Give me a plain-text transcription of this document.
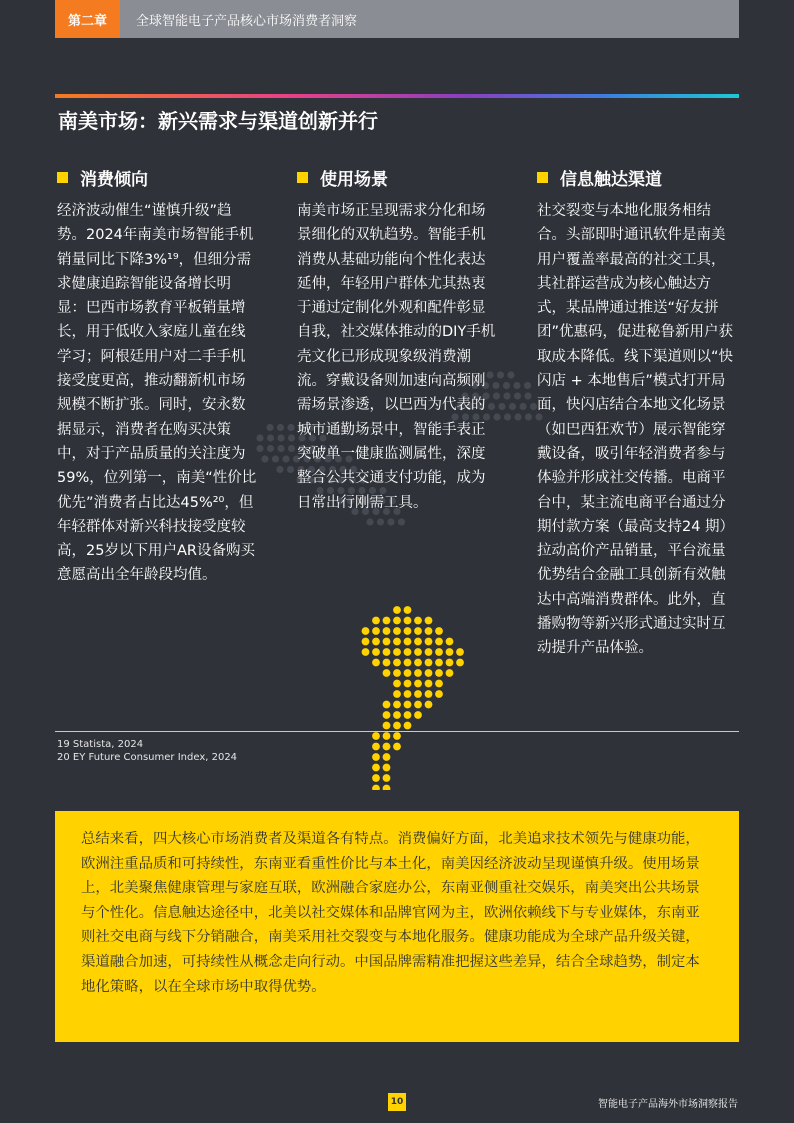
第二章	全球智能电子产品核心市场消费者洞察
南美市场：新兴需求与渠道创新并行
消费倾向
经济波动催生“谨慎升级”趋势。2024年南美市场智能手机销量同比下降3%¹⁹，但细分需求健康追踪智能设备增长明显：巴西市场教育平板销量增长，用于低收入家庭儿童在线学习；阿根廷用户对二手手机接受度更高，推动翻新机市场规模不断扩张。同时，安永数据显示，消费者在购买决策中，对于产品质量的关注度为59%，位列第一，南美“性价比优先”消费者占比达45%²⁰，但年轻群体对新兴科技接受度较高，25岁以下用户AR设备购买意愿高出全年龄段均值。
使用场景
南美市场正呈现需求分化和场景细化的双轨趋势。智能手机消费从基础功能向个性化表达延伸，年轻用户群体尤其热衷于通过定制化外观和配件彰显自我，社交媒体推动的DIY手机壳文化已形成现象级消费潮流。穿戴设备则加速向高频刚需场景渗透，以巴西为代表的城市通勤场景中，智能手表正突破单一健康监测属性，深度整合公共交通支付功能，成为日常出行刚需工具。
信息触达渠道
社交裂变与本地化服务相结合。头部即时通讯软件是南美用户覆盖率最高的社交工具，其社群运营成为核心触达方式，某品牌通过推送“好友拼团”优惠码，促进秘鲁新用户获取成本降低。线下渠道则以“快闪店 + 本地售后”模式打开局面，快闪店结合本地文化场景（如巴西狂欢节）展示智能穿戴设备，吸引年轻消费者参与体验并形成社交传播。电商平台中，某主流电商平台通过分期付款方案（最高支持24 期）拉动高价产品销量，平台流量优势结合金融工具创新有效触达中高端消费群体。此外，直播购物等新兴形式通过实时互动提升产品体验。
19 Statista, 2024
20 EY Future Consumer Index, 2024
总结来看，四大核心市场消费者及渠道各有特点。消费偏好方面，北美追求技术领先与健康功能，欧洲注重品质和可持续性，东南亚看重性价比与本土化，南美因经济波动呈现谨慎升级。使用场景上，北美聚焦健康管理与家庭互联，欧洲融合家庭办公，东南亚侧重社交娱乐，南美突出公共场景与个性化。信息触达途径中，北美以社交媒体和品牌官网为主，欧洲依赖线下与专业媒体，东南亚则社交电商与线下分销融合，南美采用社交裂变与本地化服务。健康功能成为全球产品升级关键，渠道融合加速，可持续性从概念走向行动。中国品牌需精准把握这些差异，结合全球趋势，制定本地化策略，以在全球市场中取得优势。
10	智能电子产品海外市场洞察报告
